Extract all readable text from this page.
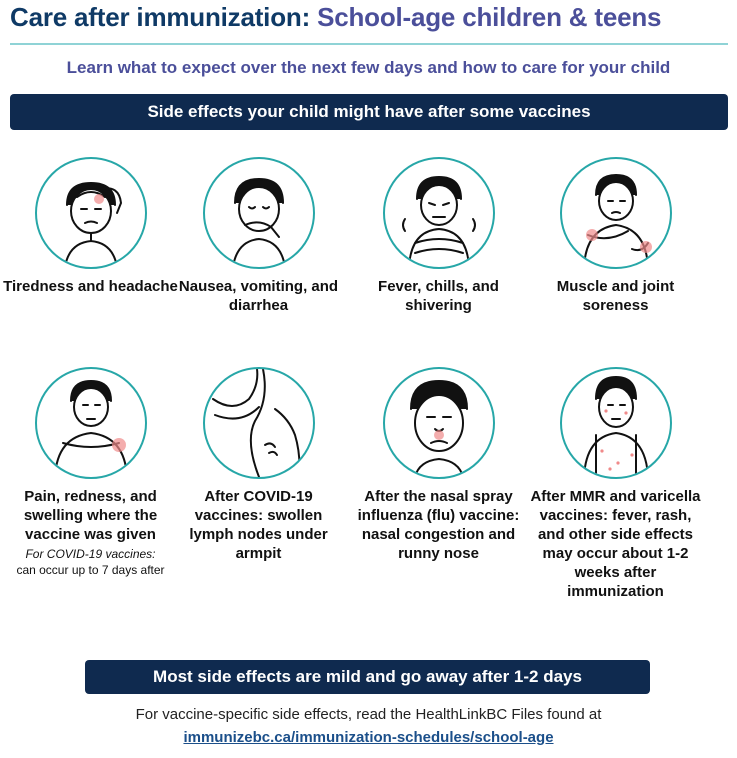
Care after immunization: School-age children & teens
Learn what to expect over the next few days and how to care for your child
Side effects your child might have after some vaccines
Tiredness and headache Nausea, vomiting, and diarrhea
Fever, chills, and shivering
Muscle and joint soreness
Pain, redness, and swelling where the vaccine was given
For COVID-19 vaccines:
can occur up to 7 days after
After COVID-19 vaccines: swollen lymph nodes under armpit
After the nasal spray influenza (flu) vaccine: nasal congestion and runny nose
After MMR and varicella vaccines: fever, rash, and other side effects may occur about 1-2 weeks after immunization
Most side effects are mild and go away after 1-2 days
For vaccine-specific side effects, read the HealthLinkBC Files found at
immunizebc.ca/immunization-schedules/school-age
